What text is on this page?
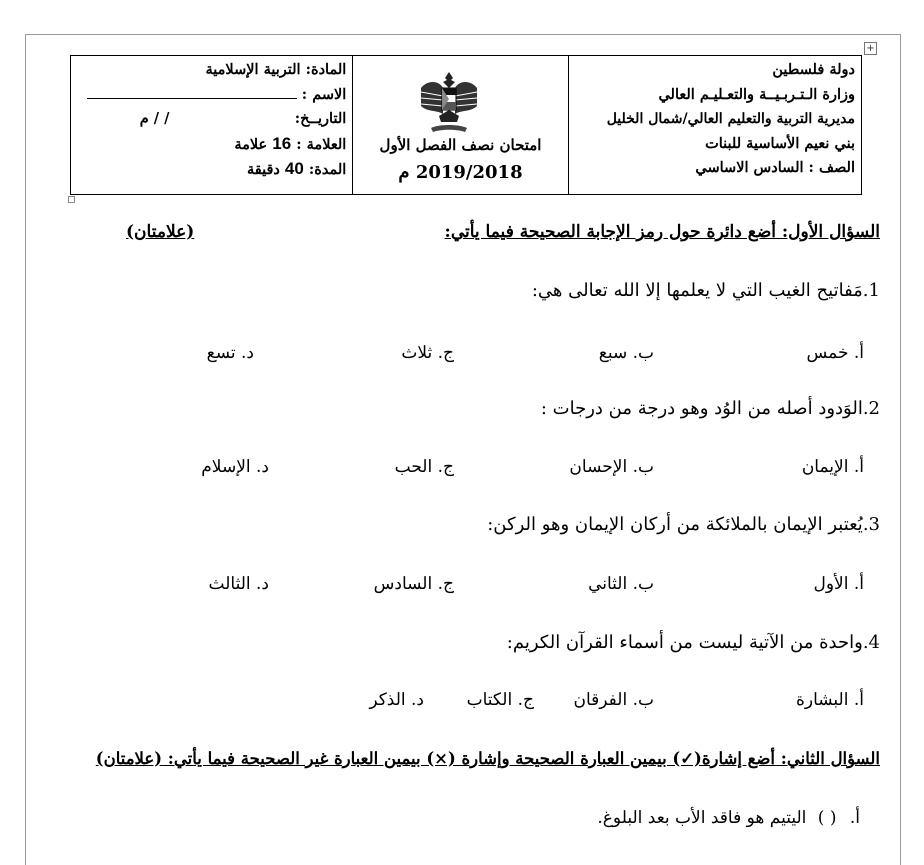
+
دولة فلسطين
وزارة الـتـربـيــة والتعـليـم العالي
مديرية التربية والتعليم العالي/شمال الخليل
بني نعيم الأساسية للبنات
الصف : السادس الاساسي
امتحان نصف الفصل الأول
2019/2018 م
المادة: التربية الإسلامية
الاسم :
التاريــخ: / / م
العلامة : 16 علامة
المدة: 40 دقيقة
السؤال الأول: أضع دائرة حول رمز الإجابة الصحيحة فيما يأتي:
(علامتان)
1.مَفاتيح الغيب التي لا يعلمها إلا الله تعالى هي:
أ. خمس
ب. سبع
ج. ثلاث
د. تسع
2.الوَدود أصله من الوُد وهو درجة من درجات :
أ. الإيمان
ب. الإحسان
ج. الحب
د. الإسلام
3.يُعتبر الإيمان بالملائكة من أركان الإيمان وهو الركن:
أ. الأول
ب. الثاني
ج. السادس
د. الثالث
4.واحدة من الآتية ليست من أسماء القرآن الكريم:
أ. البشارة
ب. الفرقان
ج. الكتاب
د. الذكر
السؤال الثاني: أضع إشارة(✓) بيمين العبارة الصحيحة وإشارة (×) بيمين العبارة غير الصحيحة فيما يأتي: (علامتان)
أ. ( ) اليتيم هو فاقد الأب بعد البلوغ.
